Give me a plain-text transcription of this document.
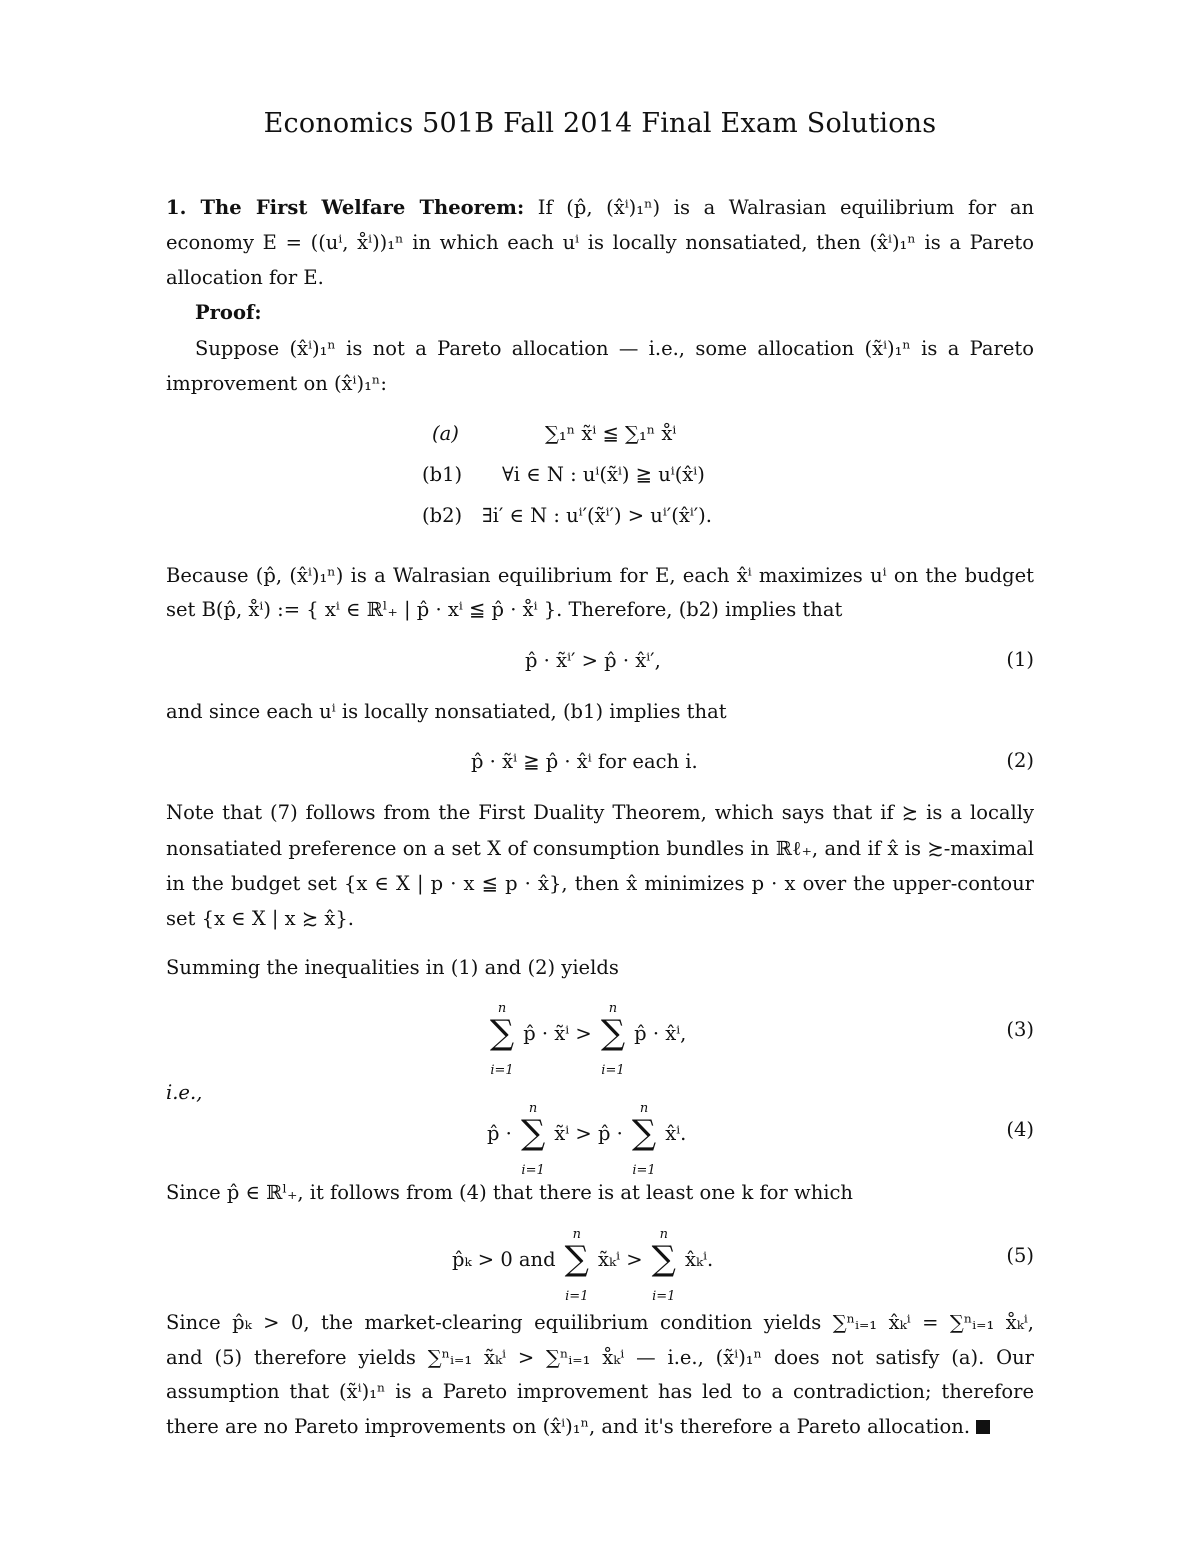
Economics 501B Fall 2014 Final Exam Solutions
1. The First Welfare Theorem: If (p̂, (x̂ⁱ)₁ⁿ) is a Walrasian equilibrium for an
economy E = ((uⁱ, x̊ⁱ))₁ⁿ in which each uⁱ is locally nonsatiated, then (x̂ⁱ)₁ⁿ is a Pareto
allocation for E.
Proof:
Suppose (x̂ⁱ)₁ⁿ is not a Pareto allocation — i.e., some allocation (x̃ⁱ)₁ⁿ is a Pareto
improvement on (x̂ⁱ)₁ⁿ:
(a)	∑₁ⁿ x̃ⁱ ≦ ∑₁ⁿ x̊ⁱ
(b1) ∀i ∈ N : uⁱ(x̃ⁱ) ≧ uⁱ(x̂ⁱ)
(b2) ∃i′ ∈ N : uⁱ′(x̃ⁱ′) > uⁱ′(x̂ⁱ′).
Because (p̂, (x̂ⁱ)₁ⁿ) is a Walrasian equilibrium for E, each x̂ⁱ maximizes uⁱ on the budget
set B(p̂, x̊ⁱ) := { xⁱ ∈ ℝˡ₊ | p̂ · xⁱ ≦ p̂ · x̊ⁱ }. Therefore, (b2) implies that
p̂ · x̃ⁱ′ > p̂ · x̂ⁱ′,	(1)
and since each uⁱ is locally nonsatiated, (b1) implies that
p̂ · x̃ⁱ ≧ p̂ · x̂ⁱ for each i.	(2)
Note that (7) follows from the First Duality Theorem, which says that if ≿ is a locally
nonsatiated preference on a set X of consumption bundles in ℝℓ₊, and if x̂ is ≿-maximal
in the budget set {x ∈ X | p · x ≦ p · x̂}, then x̂ minimizes p · x over the upper-contour
set {x ∈ X | x ≿ x̂}.
Summing the inequalities in (1) and (2) yields
n
∑
i=1
p̂ · x̃ⁱ >
n
∑
i=1
p̂ · x̂ⁱ,	(3)
i.e.,
p̂ ·
n
∑
i=1
x̃ⁱ > p̂ ·
n
∑
i=1
x̂ⁱ.	(4)
Since p̂ ∈ ℝˡ₊, it follows from (4) that there is at least one k for which
p̂ₖ > 0 and
n
∑
i=1
x̃ₖⁱ >
n
∑
i=1
x̂ₖⁱ.	(5)
Since p̂ₖ > 0, the market-clearing equilibrium condition yields ∑ⁿᵢ₌₁ x̂ₖⁱ = ∑ⁿᵢ₌₁ x̊ₖⁱ,
and (5) therefore yields ∑ⁿᵢ₌₁ x̃ₖⁱ > ∑ⁿᵢ₌₁ x̊ₖⁱ — i.e., (x̃ⁱ)₁ⁿ does not satisfy (a). Our
assumption that (x̃ⁱ)₁ⁿ is a Pareto improvement has led to a contradiction; therefore
there are no Pareto improvements on (x̂ⁱ)₁ⁿ, and it's therefore a Pareto allocation.
